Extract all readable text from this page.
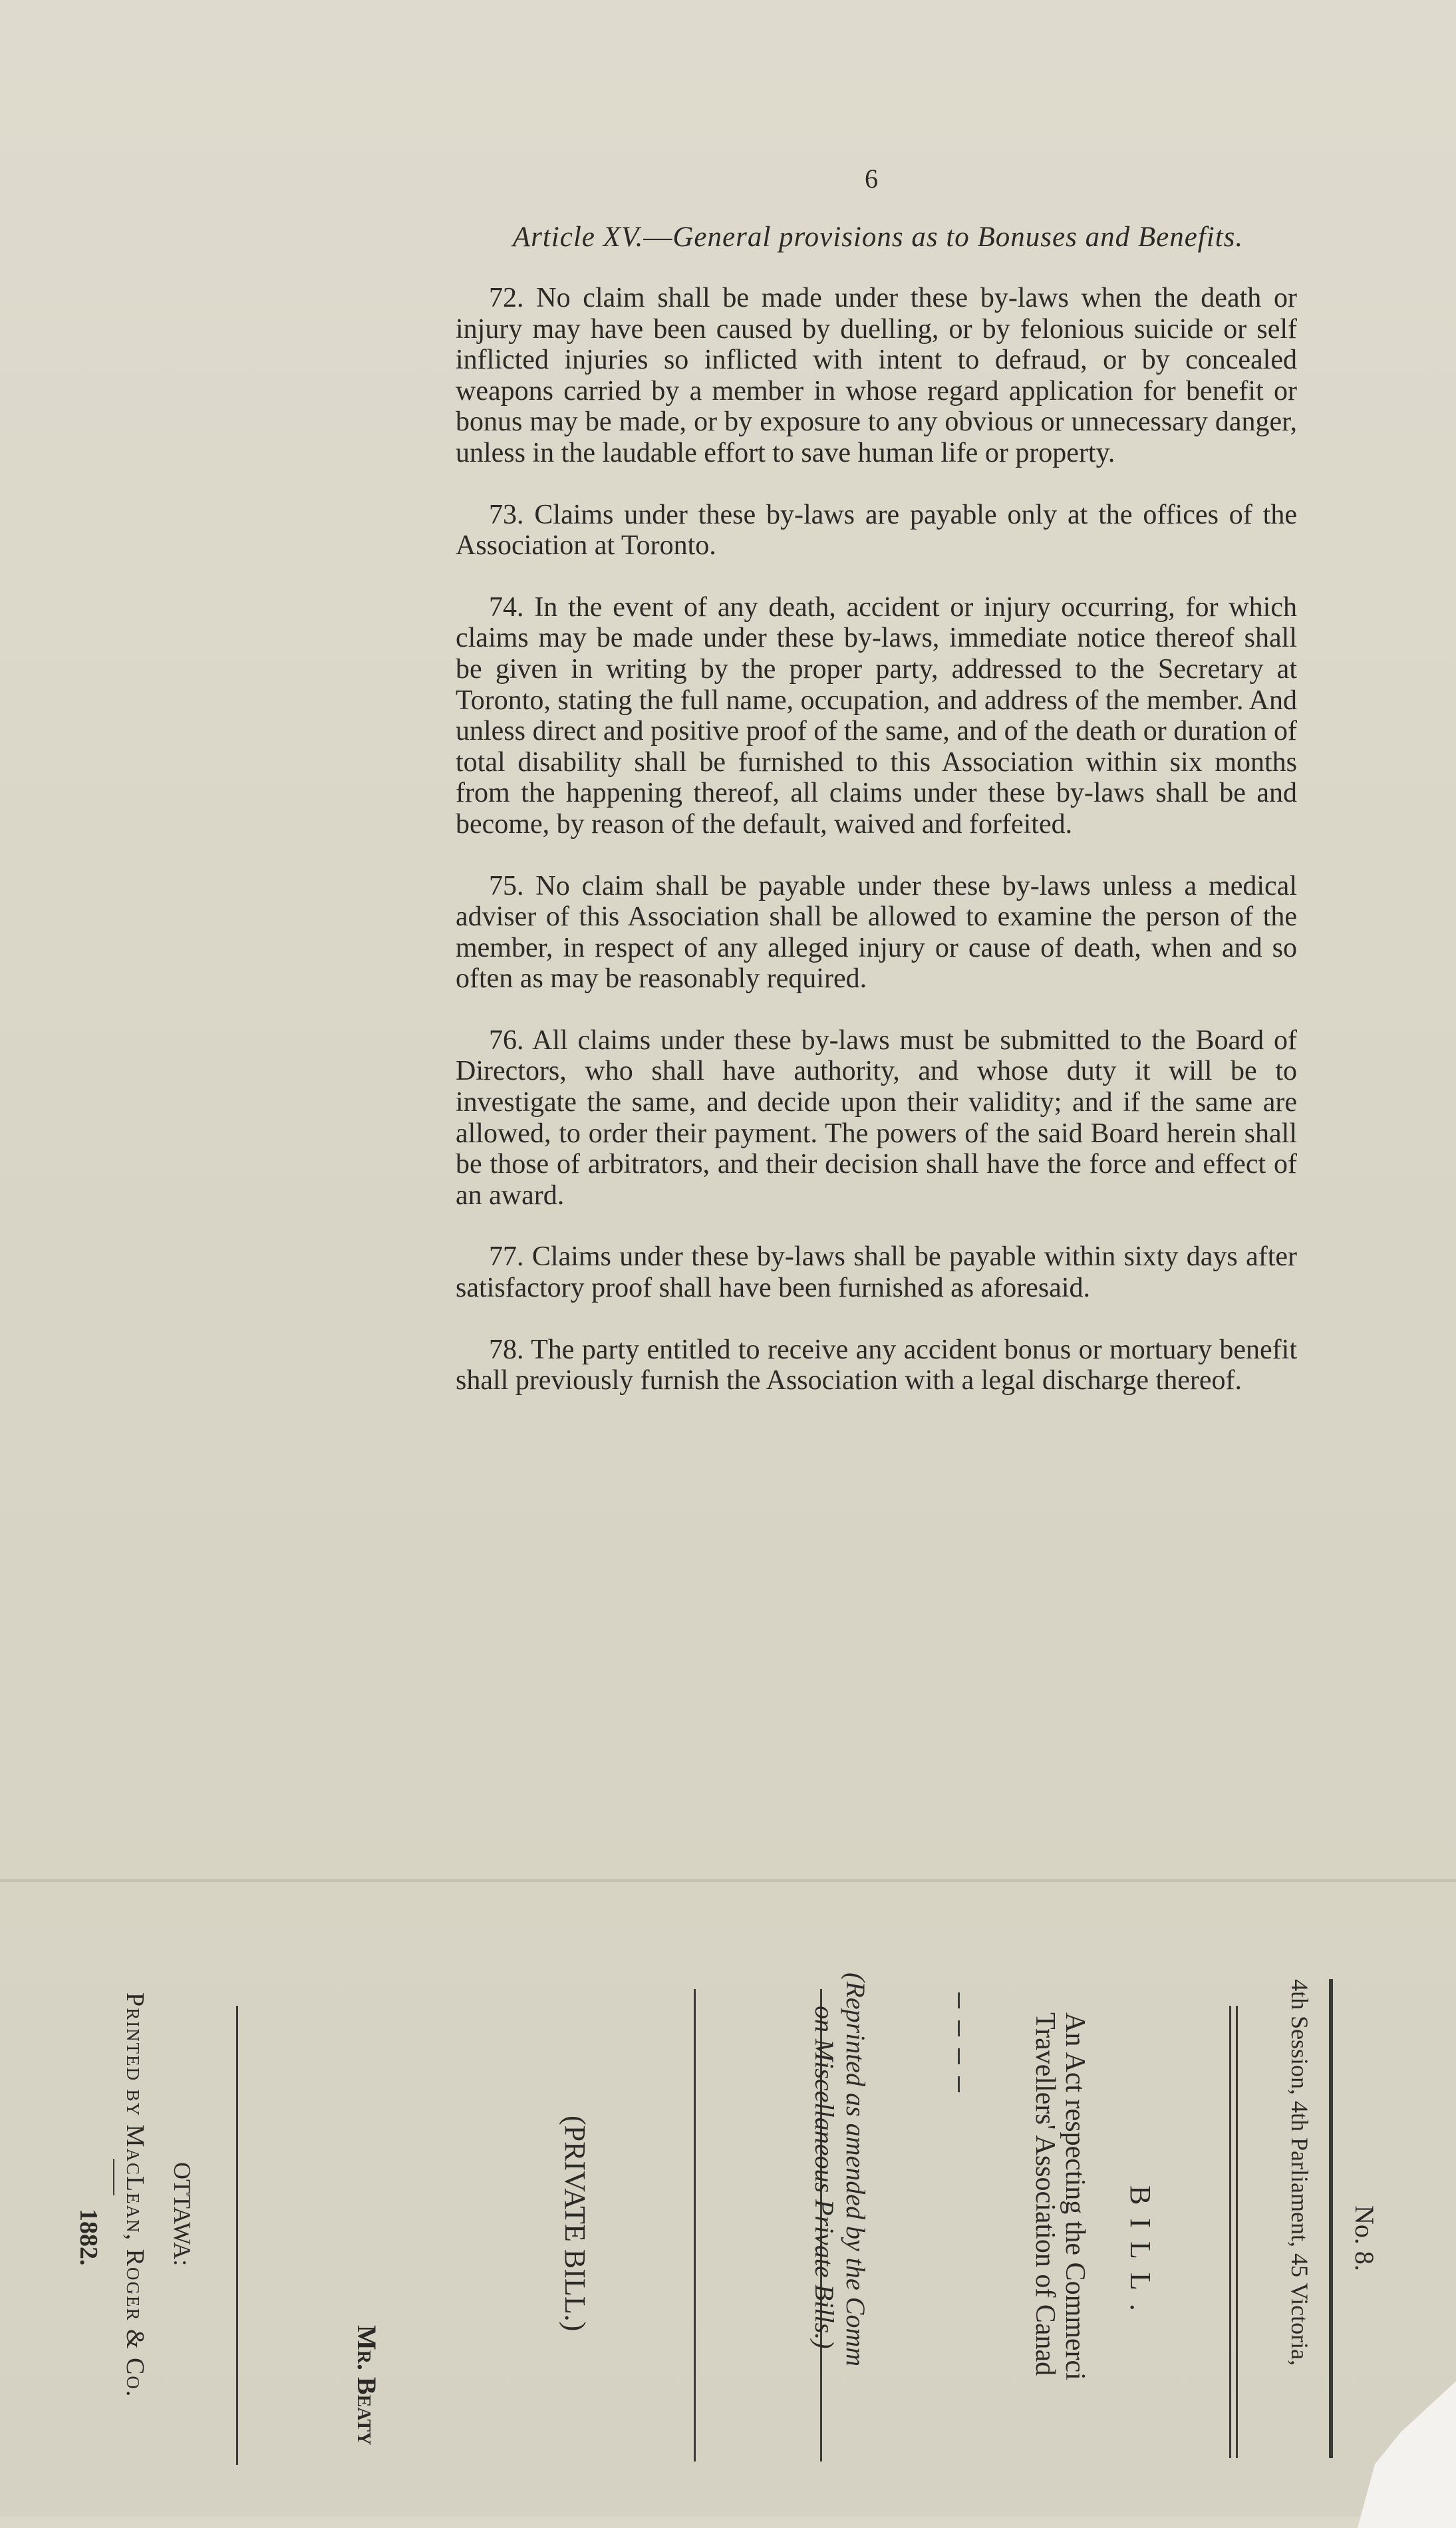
6
Article XV.—General provisions as to Bonuses and Benefits.

72. No claim shall be made under these by-laws when the death or injury may have been caused by duelling, or by felonious suicide or self inflicted injuries so inflicted with intent to defraud, or by concealed weapons carried by a member in whose regard application for benefit or bonus may be made, or by exposure to any obvious or unnecessary danger, unless in the laudable effort to save human life or property.

73. Claims under these by-laws are payable only at the offices of the Association at Toronto.

74. In the event of any death, accident or injury occurring, for which claims may be made under these by-laws, immediate notice thereof shall be given in writing by the proper party, addressed to the Secretary at Toronto, stating the full name, occupation, and address of the member. And unless direct and positive proof of the same, and of the death or duration of total disability shall be furnished to this Association within six months from the happening thereof, all claims under these by-laws shall be and become, by reason of the default, waived and forfeited.

75. No claim shall be payable under these by-laws unless a medical adviser of this Association shall be allowed to examine the person of the member, in respect of any alleged injury or cause of death, when and so often as may be reasonably required.

76. All claims under these by-laws must be submitted to the Board of Directors, who shall have authority, and whose duty it will be to investigate the same, and decide upon their validity; and if the same are allowed, to order their payment. The powers of the said Board herein shall be those of arbitrators, and their decision shall have the force and effect of an award.

77. Claims under these by-laws shall be payable within sixty days after satisfactory proof shall have been furnished as aforesaid.

78. The party entitled to receive any accident bonus or mortuary benefit shall previously furnish the Association with a legal discharge thereof.

No. 8.
4th Session, 4th Parliament, 45 Victoria,
BILL.
An Act respecting the Commerci
Travellers' Association of Canad
(Reprinted as amended by the Comm
on Miscellaneous Private Bills.)
(PRIVATE BILL.)
Mr. Beaty
OTTAWA:
Printed by MacLean, Roger & Co.
1882.
